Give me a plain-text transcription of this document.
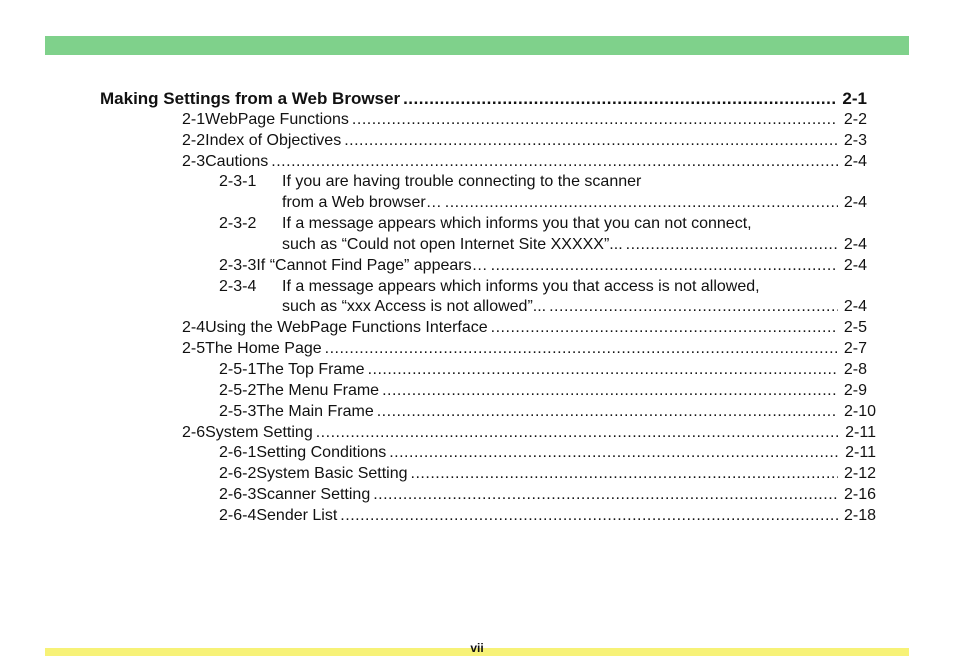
Making Settings from a Web Browser .....	2-1
2-1 WebPage Functions .....	2-2
2-2 Index of Objectives .....	2-3
2-3 Cautions .....	2-4
2-3-1	If you are having trouble connecting to the scanner
from a Web browser… .....	2-4
2-3-2	If a message appears which informs you that you can not connect,
such as “Could not open Internet Site XXXXX”... .....	2-4
2-3-3 If “Cannot Find Page” appears… .....	2-4
2-3-4	If a message appears which informs you that access is not allowed,
such as “xxx Access is not allowed”... .....	2-4
2-4 Using the WebPage Functions Interface .....	2-5
2-5 The Home Page .....	2-7
2-5-1 The Top Frame .....	2-8
2-5-2 The Menu Frame .....	2-9
2-5-3 The Main Frame .....	2-10
2-6 System Setting .....	2-11
2-6-1 Setting Conditions .....	2-11
2-6-2 System Basic Setting .....	2-12
2-6-3 Scanner Setting .....	2-16
2-6-4 Sender List .....	2-18
vii
